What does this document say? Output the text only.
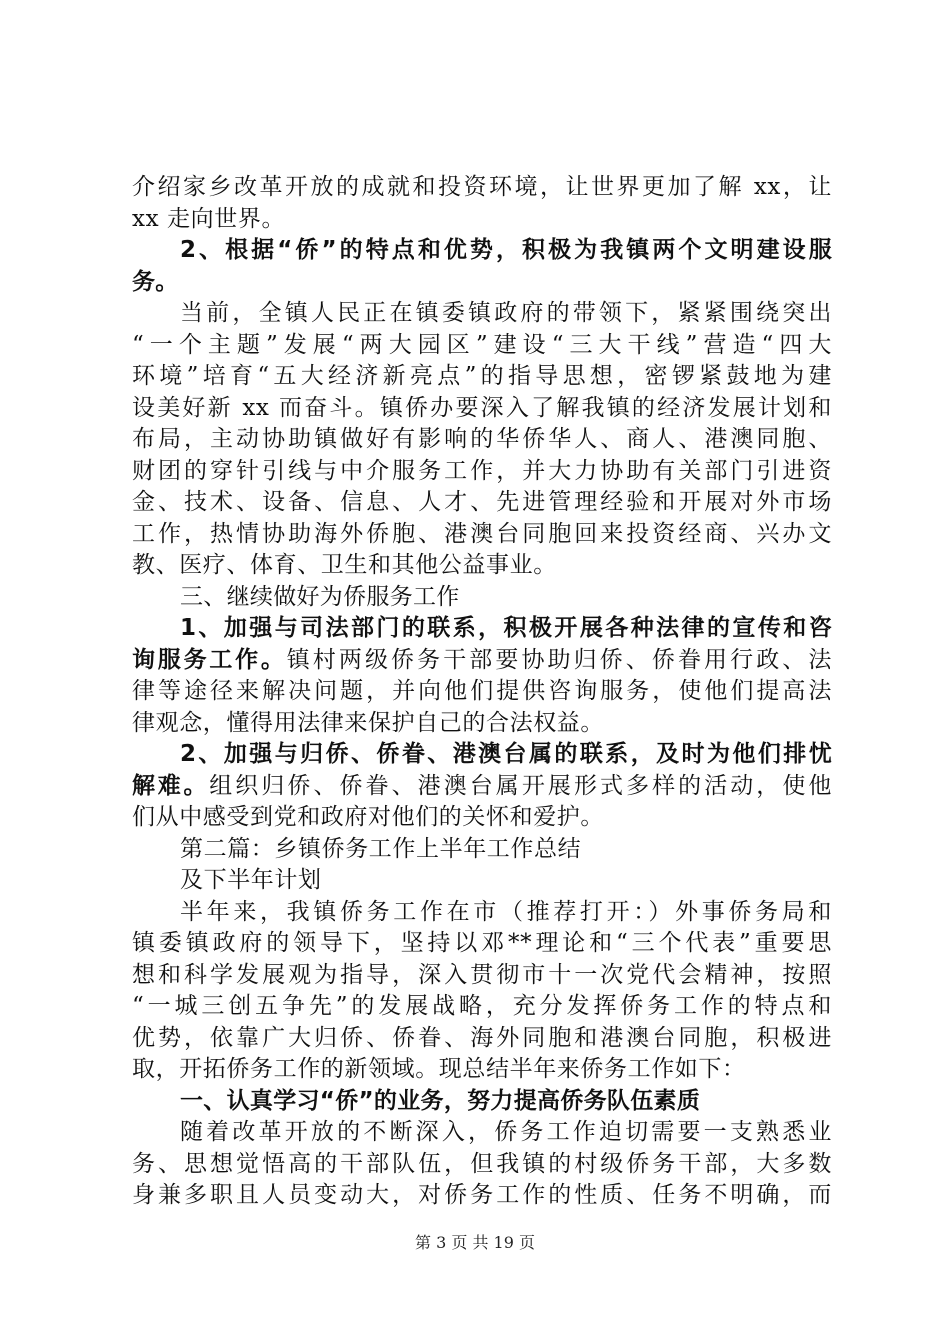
介绍家乡改革开放的成就和投资环境，让世界更加了解 xx，让
xx 走向世界。
2、根据“侨”的特点和优势，积极为我镇两个文明建设服
务。
当前，全镇人民正在镇委镇政府的带领下，紧紧围绕突出
“一个主题”发展“两大园区”建设“三大干线”营造“四大
环境”培育“五大经济新亮点”的指导思想，密锣紧鼓地为建
设美好新 xx 而奋斗。镇侨办要深入了解我镇的经济发展计划和
布局，主动协助镇做好有影响的华侨华人、商人、港澳同胞、
财团的穿针引线与中介服务工作，并大力协助有关部门引进资
金、技术、设备、信息、人才、先进管理经验和开展对外市场
工作，热情协助海外侨胞、港澳台同胞回来投资经商、兴办文
教、医疗、体育、卫生和其他公益事业。
三、继续做好为侨服务工作
1、加强与司法部门的联系，积极开展各种法律的宣传和咨
询服务工作。镇村两级侨务干部要协助归侨、侨眷用行政、法
律等途径来解决问题，并向他们提供咨询服务，使他们提高法
律观念，懂得用法律来保护自己的合法权益。
2、加强与归侨、侨眷、港澳台属的联系，及时为他们排忧
解难。组织归侨、侨眷、港澳台属开展形式多样的活动，使他
们从中感受到党和政府对他们的关怀和爱护。
第二篇：乡镇侨务工作上半年工作总结
及下半年计划
半年来，我镇侨务工作在市（推荐打开：）外事侨务局和
镇委镇政府的领导下，坚持以邓**理论和“三个代表”重要思
想和科学发展观为指导，深入贯彻市十一次党代会精神，按照
“一城三创五争先”的发展战略，充分发挥侨务工作的特点和
优势，依靠广大归侨、侨眷、海外同胞和港澳台同胞，积极进
取，开拓侨务工作的新领域。现总结半年来侨务工作如下：
一、认真学习“侨”的业务，努力提高侨务队伍素质
随着改革开放的不断深入，侨务工作迫切需要一支熟悉业
务、思想觉悟高的干部队伍，但我镇的村级侨务干部，大多数
身兼多职且人员变动大，对侨务工作的性质、任务不明确，而
第 3 页 共 19 页
